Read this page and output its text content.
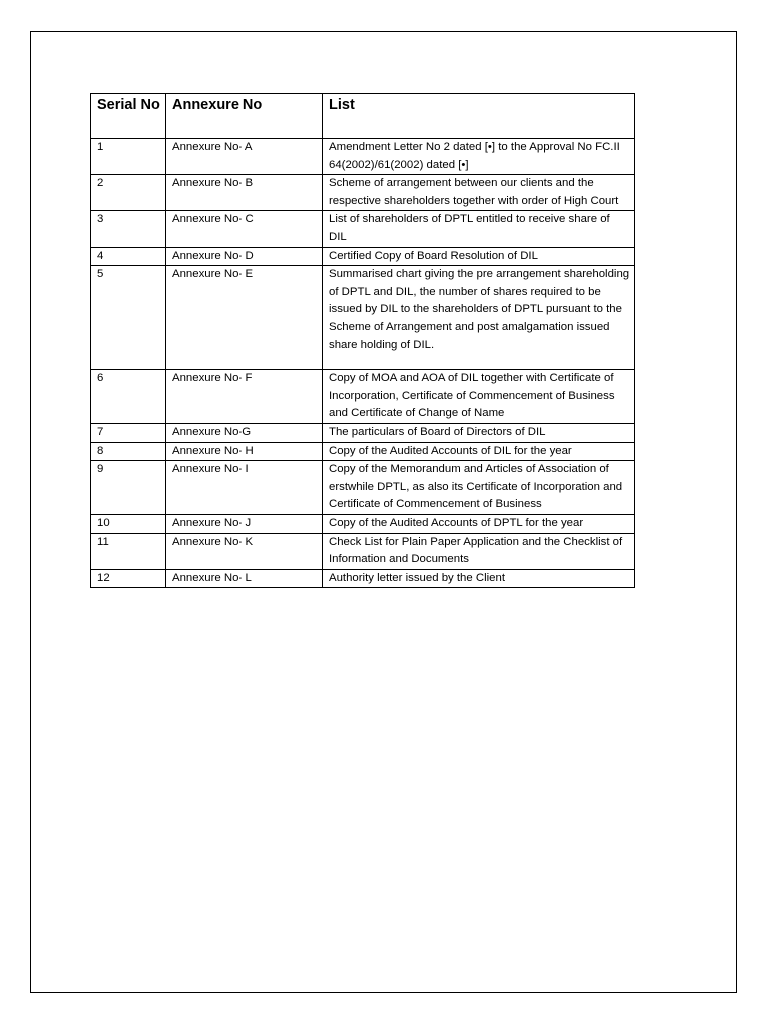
Serial No	Annexure No	List
1	Annexure No- A	Amendment Letter No 2 dated [•] to the Approval No FC.II 64(2002)/61(2002) dated [•]
2	Annexure No- B	Scheme of arrangement between our clients and the respective shareholders together with order of High Court
3	Annexure No- C	List of shareholders of DPTL entitled to receive share of DIL
4	Annexure No- D	Certified Copy of Board Resolution of DIL
5	Annexure No- E	Summarised chart giving the pre arrangement shareholding of DPTL and DIL, the number of shares required to be issued by DIL to the shareholders of DPTL pursuant to the Scheme of Arrangement and post amalgamation issued share holding of DIL.
6	Annexure No- F	Copy of MOA and AOA of DIL together with Certificate of Incorporation, Certificate of Commencement of Business and Certificate of Change of Name
7	Annexure No-G	The particulars of Board of Directors of DIL
8	Annexure No- H	Copy of the Audited Accounts of DIL for the year
9	Annexure No- I	Copy of the Memorandum and Articles of Association of erstwhile DPTL, as also its Certificate of Incorporation and Certificate of Commencement of Business
10	Annexure No- J	Copy of the Audited Accounts of DPTL for the year
11	Annexure No- K	Check List for Plain Paper Application and the Checklist of Information and Documents
12	Annexure No- L	Authority letter issued by the Client
